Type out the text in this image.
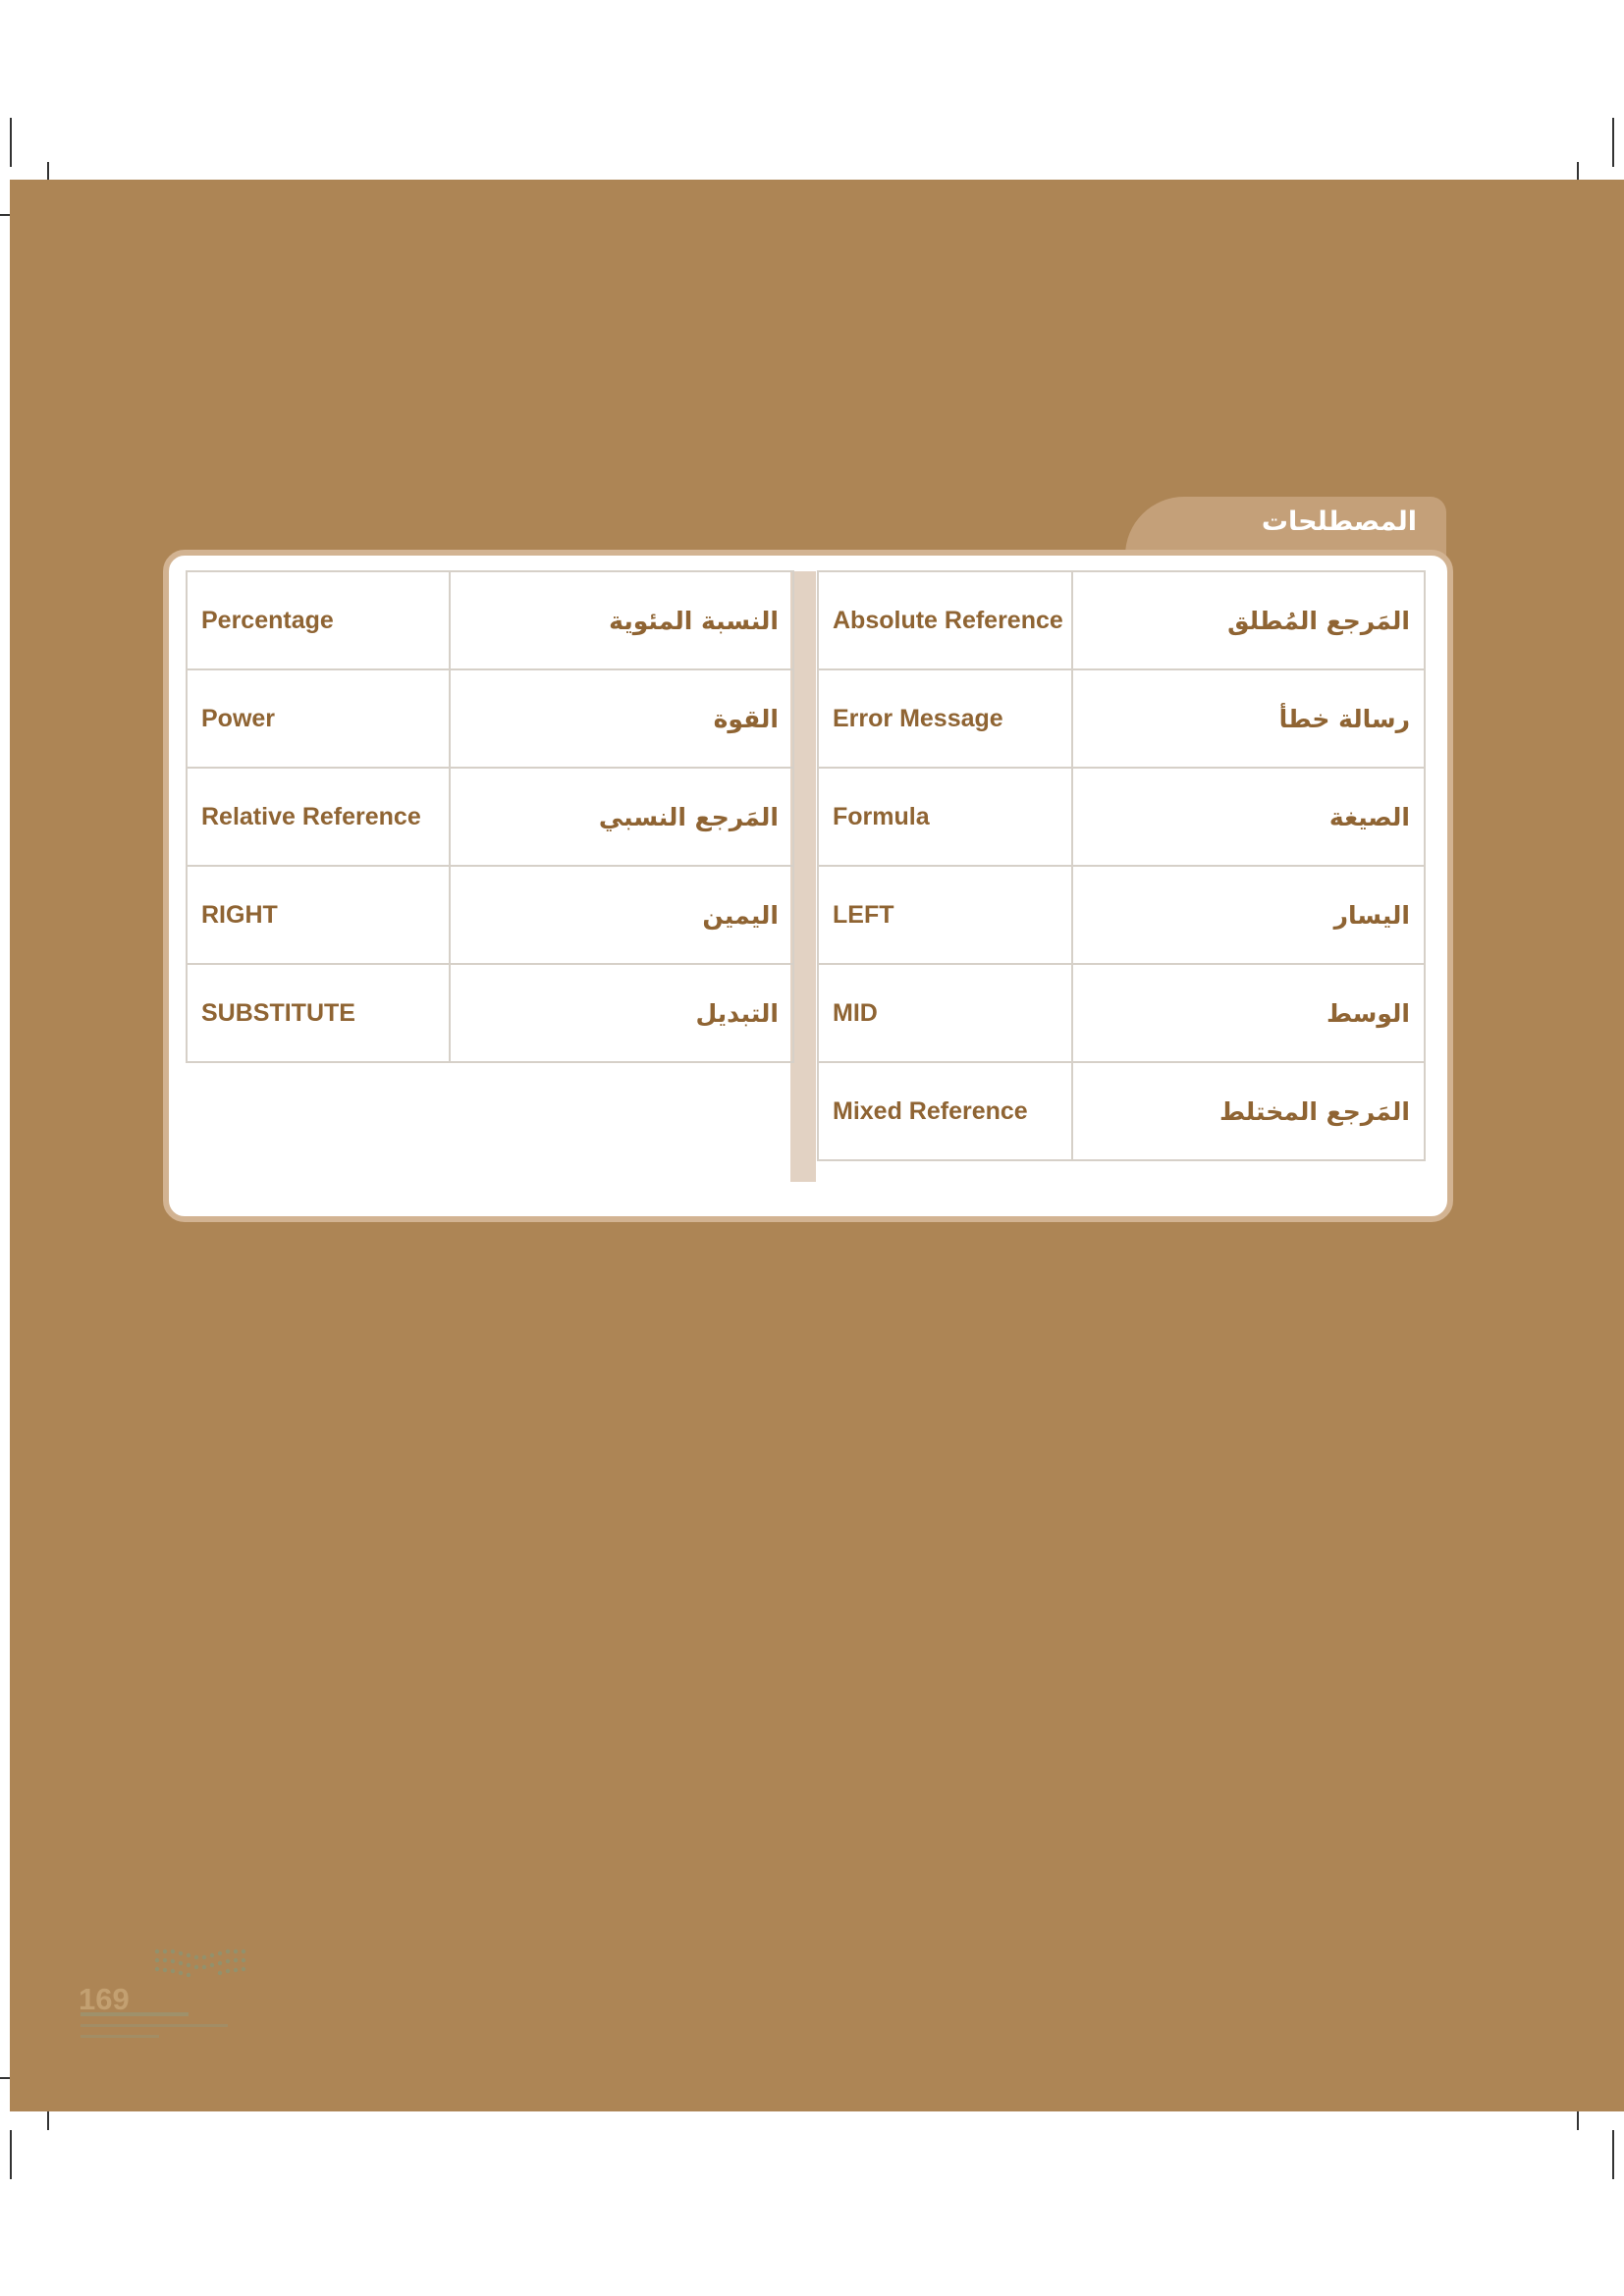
المصطلحات
Percentage	النسبة المئوية
Power	القوة
Relative Reference	المَرجع النسبي
RIGHT	اليمين
SUBSTITUTE	التبديل
Absolute Reference	المَرجع المُطلق
Error Message	رسالة خطأ
Formula	الصيغة
LEFT	اليسار
MID	الوسط
Mixed Reference	المَرجع المختلط
169
